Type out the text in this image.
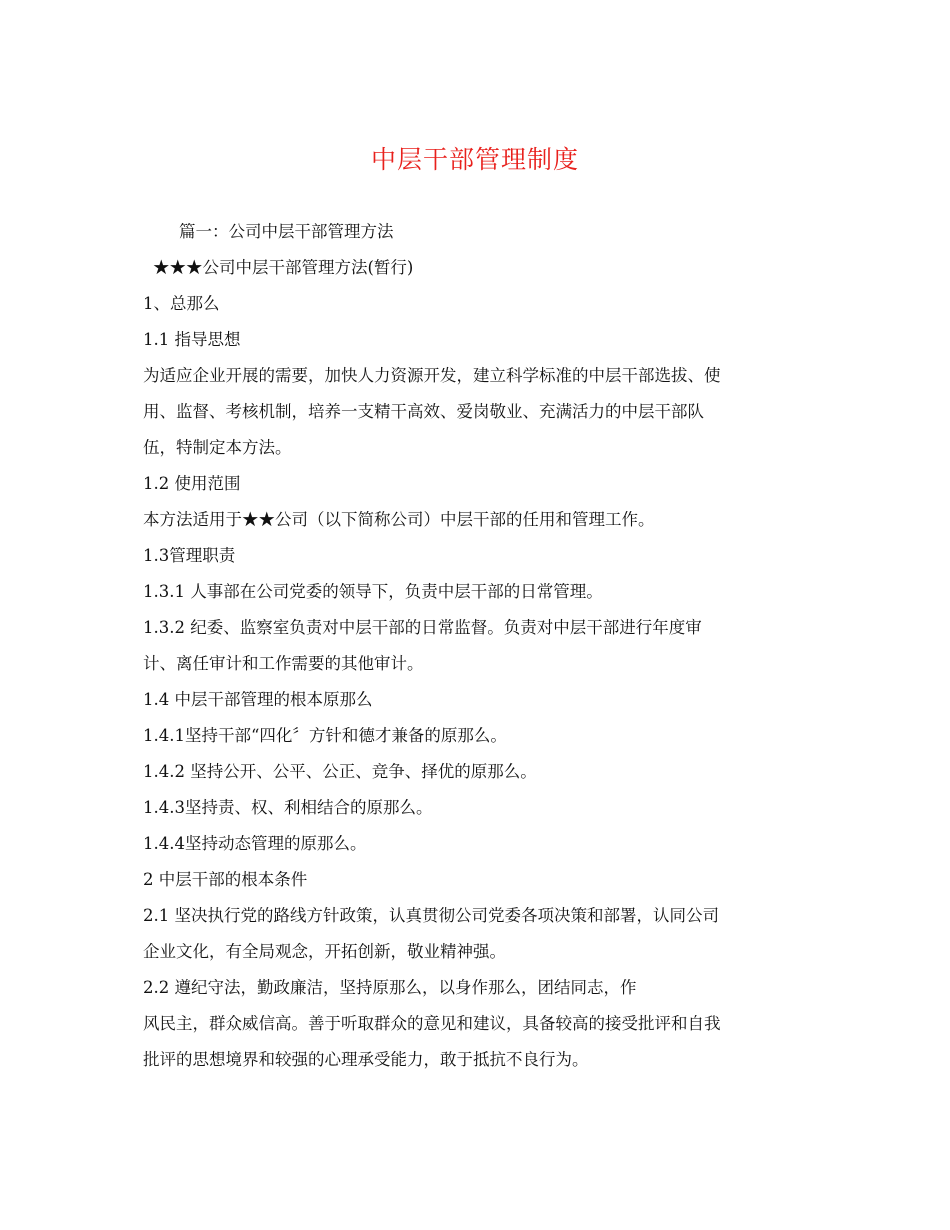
中层干部管理制度
篇一：公司中层干部管理方法
★★★公司中层干部管理方法(暂行)
1、总那么
1.1 指导思想
为适应企业开展的需要，加快人力资源开发，建立科学标准的中层干部选拔、使
用、监督、考核机制，培养一支精干高效、爱岗敬业、充满活力的中层干部队
伍，特制定本方法。
1.2 使用范围
本方法适用于★★公司（以下简称公司）中层干部的任用和管理工作。
1.3管理职责
1.3.1 人事部在公司党委的领导下，负责中层干部的日常管理。
1.3.2 纪委、监察室负责对中层干部的日常监督。负责对中层干部进行年度审
计、离任审计和工作需要的其他审计。
1.4 中层干部管理的根本原那么
1.4.1坚持干部“四化〞方针和德才兼备的原那么。
1.4.2 坚持公开、公平、公正、竞争、择优的原那么。
1.4.3坚持责、权、利相结合的原那么。
1.4.4坚持动态管理的原那么。
2 中层干部的根本条件
2.1 坚决执行党的路线方针政策，认真贯彻公司党委各项决策和部署，认同公司
企业文化，有全局观念，开拓创新，敬业精神强。
2.2 遵纪守法，勤政廉洁，坚持原那么，以身作那么，团结同志，作
风民主，群众威信高。善于听取群众的意见和建议，具备较高的接受批评和自我
批评的思想境界和较强的心理承受能力，敢于抵抗不良行为。
